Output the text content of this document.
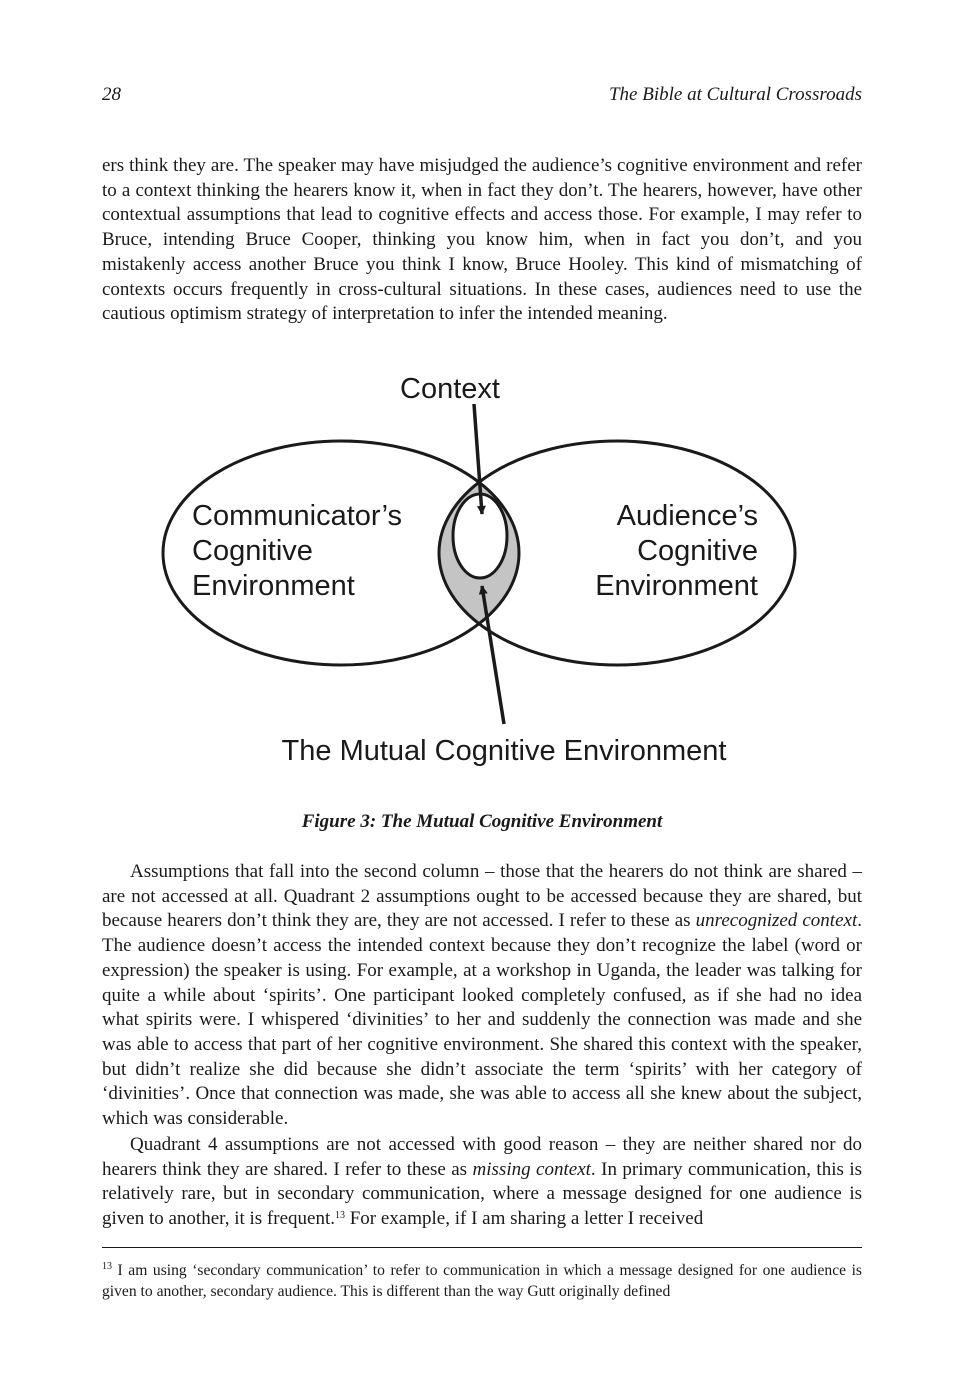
28	The Bible at Cultural Crossroads

ers think they are. The speaker may have misjudged the audience’s cognitive environment and refer to a context thinking the hearers know it, when in fact they don’t. The hearers, however, have other contextual assumptions that lead to cognitive effects and access those. For example, I may refer to Bruce, intending Bruce Cooper, thinking you know him, when in fact you don’t, and you mistakenly access another Bruce you think I know, Bruce Hooley. This kind of mismatching of contexts occurs frequently in cross-cultural situations. In these cases, audiences need to use the cautious optimism strategy of interpretation to infer the intended meaning.

Context
Communicator’s
Cognitive
Environment
Audience’s
Cognitive
Environment
The Mutual Cognitive Environment
Figure 3: The Mutual Cognitive Environment

Assumptions that fall into the second column – those that the hearers do not think are shared – are not accessed at all. Quadrant 2 assumptions ought to be accessed because they are shared, but because hearers don’t think they are, they are not accessed. I refer to these as unrecognized context. The audience doesn’t access the intended context because they don’t recognize the label (word or expression) the speaker is using. For example, at a workshop in Uganda, the leader was talking for quite a while about ‘spirits’. One participant looked completely confused, as if she had no idea what spirits were. I whispered ‘divinities’ to her and suddenly the connection was made and she was able to access that part of her cognitive environment. She shared this context with the speaker, but didn’t realize she did because she didn’t associate the term ‘spirits’ with her category of ‘divinities’. Once that connection was made, she was able to access all she knew about the subject, which was considerable.

Quadrant 4 assumptions are not accessed with good reason – they are neither shared nor do hearers think they are shared. I refer to these as missing context. In primary communication, this is relatively rare, but in secondary communication, where a message designed for one audience is given to another, it is frequent.$^{13}$ For example, if I am sharing a letter I received

$^{13}$ I am using ‘secondary communication’ to refer to communication in which a message designed for one audience is given to another, secondary audience. This is different than the way Gutt originally defined
